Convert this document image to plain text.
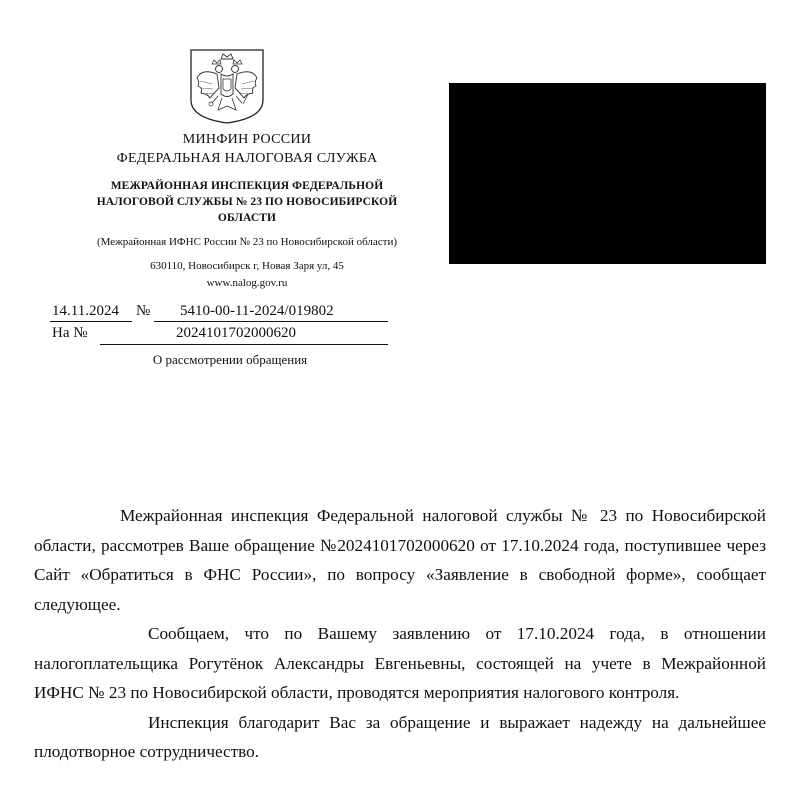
МИНФИН РОССИИ

ФЕДЕРАЛЬНАЯ НАЛОГОВАЯ СЛУЖБА

МЕЖРАЙОННАЯ ИНСПЕКЦИЯ ФЕДЕРАЛЬНОЙ
НАЛОГОВОЙ СЛУЖБЫ № 23 ПО НОВОСИБИРСКОЙ
ОБЛАСТИ

(Межрайонная ИФНС России № 23 по Новосибирской области)

630110, Новосибирск г, Новая Заря ул, 45

www.nalog.gov.ru

14.11.2024 № 5410-00-11-2024/019802
На №	2024101702000620
О рассмотрении обращения

Межрайонная инспекция Федеральной налоговой службы № 23 по Новосибирской области, рассмотрев Ваше обращение №2024101702000620 от 17.10.2024 года, поступившее через Сайт «Обратиться в ФНС России», по вопросу «Заявление в свободной форме», сообщает следующее.

Сообщаем, что по Вашему заявлению от 17.10.2024 года, в отношении налогоплательщика Рогутёнок Александры Евгеньевны, состоящей на учете в Межрайонной ИФНС № 23 по Новосибирской области, проводятся мероприятия налогового контроля.

Инспекция благодарит Вас за обращение и выражает надежду на дальнейшее плодотворное сотрудничество.
